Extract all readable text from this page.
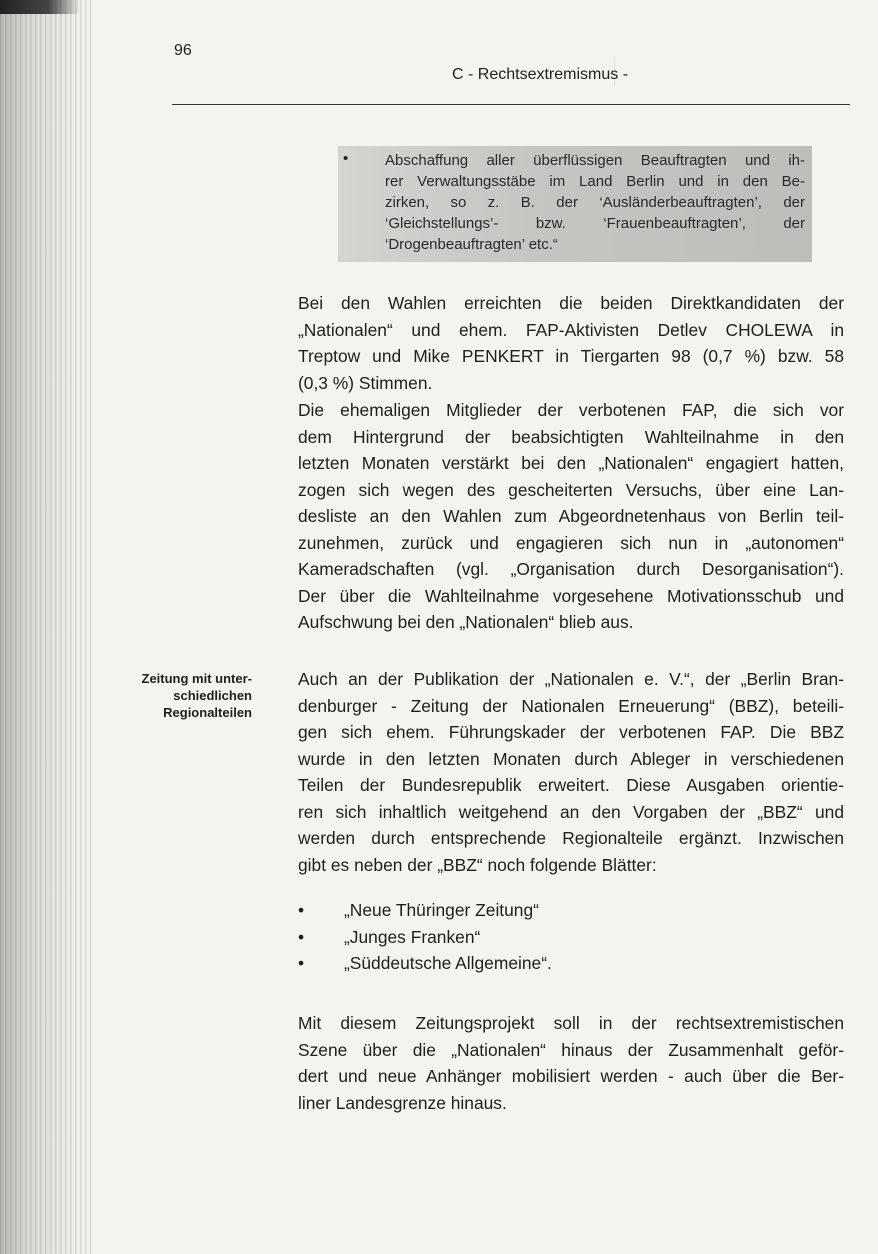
96
C - Rechtsextremismus -
• Abschaffung aller überflüssigen Beauftragten und ih-
rer Verwaltungsstäbe im Land Berlin und in den Be-
zirken, so z. B. der ‘Ausländerbeauftragten’, der
‘Gleichstellungs’- bzw. ‘Frauenbeauftragten’, der
‘Drogenbeauftragten’ etc.“
Bei den Wahlen erreichten die beiden Direktkandidaten der
„Nationalen“ und ehem. FAP-Aktivisten Detlev CHOLEWA in
Treptow und Mike PENKERT in Tiergarten 98 (0,7 %) bzw. 58
(0,3 %) Stimmen.
Die ehemaligen Mitglieder der verbotenen FAP, die sich vor
dem Hintergrund der beabsichtigten Wahlteilnahme in den
letzten Monaten verstärkt bei den „Nationalen“ engagiert hatten,
zogen sich wegen des gescheiterten Versuchs, über eine Lan-
desliste an den Wahlen zum Abgeordnetenhaus von Berlin teil-
zunehmen, zurück und engagieren sich nun in „autonomen“
Kameradschaften (vgl. „Organisation durch Desorganisation“).
Der über die Wahlteilnahme vorgesehene Motivationsschub und
Aufschwung bei den „Nationalen“ blieb aus.
Zeitung mit unter-
schiedlichen
Regionalteilen
Auch an der Publikation der „Nationalen e. V.“, der „Berlin Bran-
denburger - Zeitung der Nationalen Erneuerung“ (BBZ), beteili-
gen sich ehem. Führungskader der verbotenen FAP. Die BBZ
wurde in den letzten Monaten durch Ableger in verschiedenen
Teilen der Bundesrepublik erweitert. Diese Ausgaben orientie-
ren sich inhaltlich weitgehend an den Vorgaben der „BBZ“ und
werden durch entsprechende Regionalteile ergänzt. Inzwischen
gibt es neben der „BBZ“ noch folgende Blätter:
• „Neue Thüringer Zeitung“
• „Junges Franken“
• „Süddeutsche Allgemeine“.
Mit diesem Zeitungsprojekt soll in der rechtsextremistischen
Szene über die „Nationalen“ hinaus der Zusammenhalt geför-
dert und neue Anhänger mobilisiert werden - auch über die Ber-
liner Landesgrenze hinaus.
